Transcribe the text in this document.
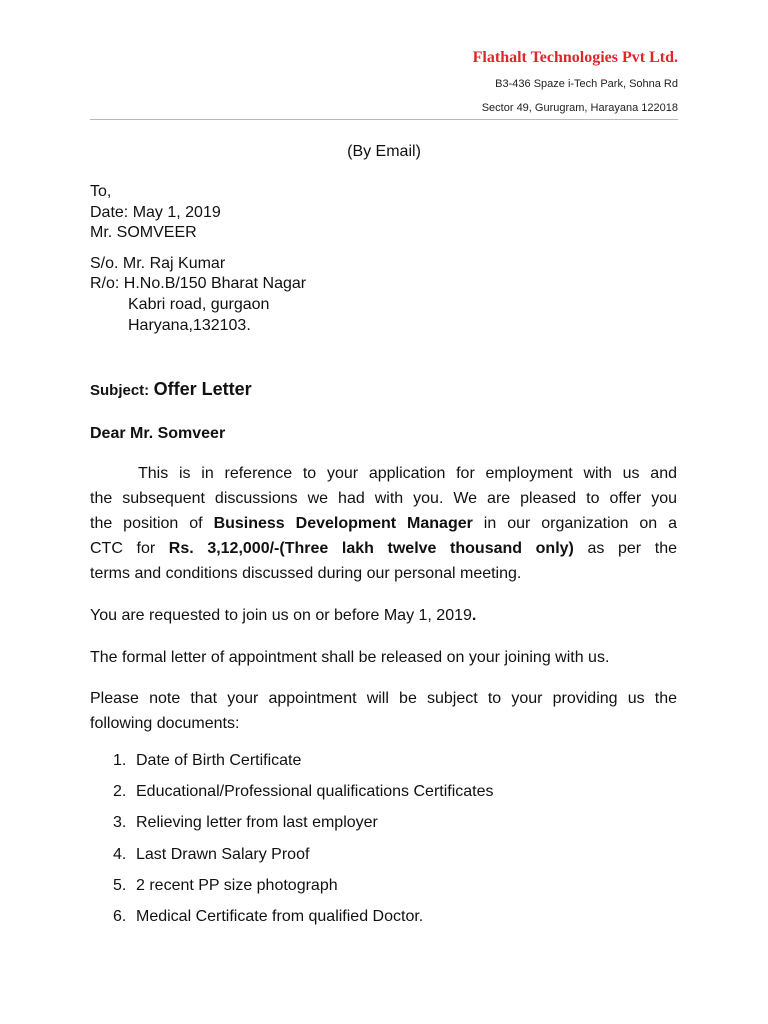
Flathalt Technologies Pvt Ltd.
B3-436 Spaze i-Tech Park, Sohna Rd
Sector 49, Gurugram, Harayana 122018
(By Email)
To,
Date: May 1, 2019
Mr. SOMVEER
S/o. Mr. Raj Kumar
R/o: H.No.B/150 Bharat Nagar
Kabri road, gurgaon
Haryana,132103.
Subject: Offer Letter
Dear Mr. Somveer
This is in reference to your application for employment with us and
the subsequent discussions we had with you. We are pleased to offer you
the position of Business Development Manager in our organization on a
CTC for Rs. 3,12,000/-(Three lakh twelve thousand only) as per the
terms and conditions discussed during our personal meeting.
You are requested to join us on or before May 1, 2019.
The formal letter of appointment shall be released on your joining with us.
Please note that your appointment will be subject to your providing us the
following documents:
1. Date of Birth Certificate
2. Educational/Professional qualifications Certificates
3. Relieving letter from last employer
4. Last Drawn Salary Proof
5. 2 recent PP size photograph
6. Medical Certificate from qualified Doctor.
